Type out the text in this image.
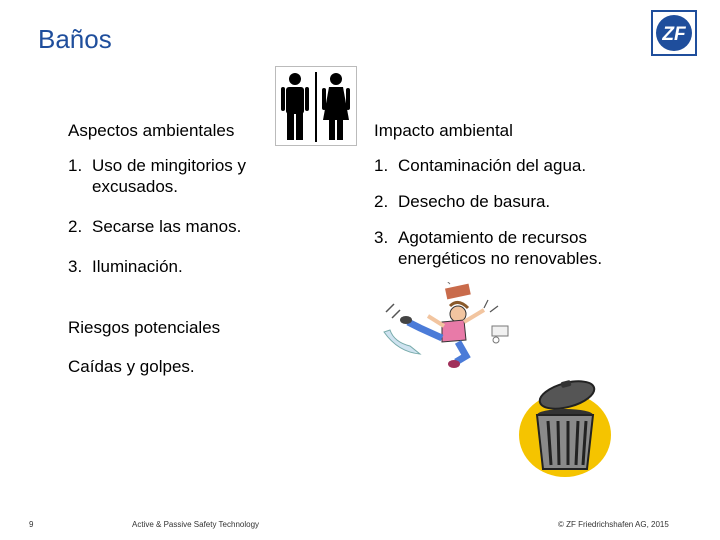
Baños	ZF
Aspectos ambientales	Impacto ambiental
1. Uso de mingitorios y excusados.
2. Secarse las manos.
3. Iluminación.
1. Contaminación del agua.
2. Desecho de basura.
3. Agotamiento de recursos energéticos no renovables.
Riesgos potenciales
Caídas y golpes.
9	Active & Passive Safety Technology	© ZF Friedrichshafen AG, 2015
